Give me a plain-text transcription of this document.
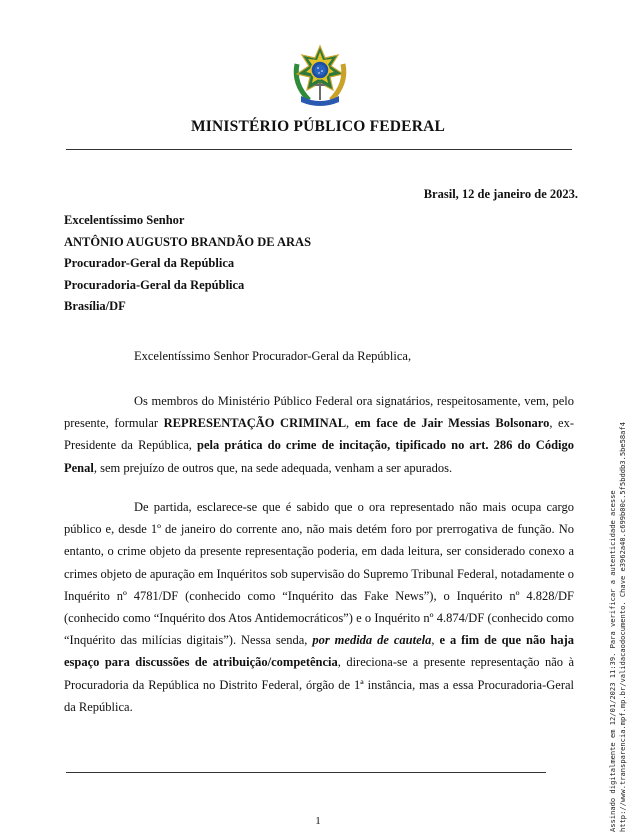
MINISTÉRIO PÚBLICO FEDERAL
Brasil, 12 de janeiro de 2023.
Excelentíssimo Senhor
ANTÔNIO AUGUSTO BRANDÃO DE ARAS
Procurador-Geral da República
Procuradoria-Geral da República
Brasília/DF
Excelentíssimo Senhor Procurador-Geral da República,
Os membros do Ministério Público Federal ora signatários, respeitosamente, vem, pelo presente, formular REPRESENTAÇÃO CRIMINAL, em face de Jair Messias Bolsonaro, ex-Presidente da República, pela prática do crime de incitação, tipificado no art. 286 do Código Penal, sem prejuízo de outros que, na sede adequada, venham a ser apurados.
De partida, esclarece-se que é sabido que o ora representado não mais ocupa cargo público e, desde 1º de janeiro do corrente ano, não mais detém foro por prerrogativa de função. No entanto, o crime objeto da presente representação poderia, em dada leitura, ser considerado conexo a crimes objeto de apuração em Inquéritos sob supervisão do Supremo Tribunal Federal, notadamente o Inquérito nº 4781/DF (conhecido como “Inquérito das Fake News”), o Inquérito nº 4.828/DF (conhecido como “Inquérito dos Atos Antidemocráticos”) e o Inquérito nº 4.874/DF (conhecido como “Inquérito das milícias digitais”). Nessa senda, por medida de cautela, e a fim de que não haja espaço para discussões de atribuição/competência, direciona-se a presente representação não à Procuradoria da República no Distrito Federal, órgão de 1ª instância, mas a essa Procuradoria-Geral da República.	Assinado digitalmente em 12/01/2023 11:39. Para verificar a autenticidade acesse http://www.transparencia.mpf.mp.br/validacaodocumento. Chave e3962a40.c699b00c.5f5bddb3.5be58af4
1
